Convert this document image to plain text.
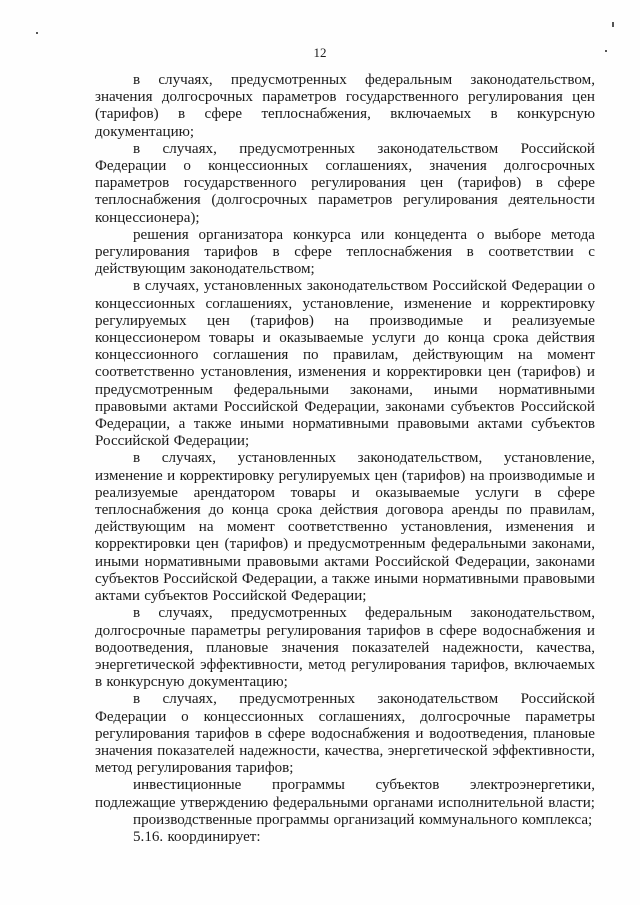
12

в случаях, предусмотренных федеральным законодательством, значения долгосрочных параметров государственного регулирования цен (тарифов) в сфере теплоснабжения, включаемых в конкурсную документацию;

в случаях, предусмотренных законодательством Российской Федерации о концессионных соглашениях, значения долгосрочных параметров государственного регулирования цен (тарифов) в сфере теплоснабжения (долгосрочных параметров регулирования деятельности концессионера);

решения организатора конкурса или концедента о выборе метода регулирования тарифов в сфере теплоснабжения в соответствии с действующим законодательством;

в случаях, установленных законодательством Российской Федерации о концессионных соглашениях, установление, изменение и корректировку регулируемых цен (тарифов) на производимые и реализуемые концессионером товары и оказываемые услуги до конца срока действия концессионного соглашения по правилам, действующим на момент соответственно установления, изменения и корректировки цен (тарифов) и предусмотренным федеральными законами, иными нормативными правовыми актами Российской Федерации, законами субъектов Российской Федерации, а также иными нормативными правовыми актами субъектов Российской Федерации;

в случаях, установленных законодательством, установление, изменение и корректировку регулируемых цен (тарифов) на производимые и реализуемые арендатором товары и оказываемые услуги в сфере теплоснабжения до конца срока действия договора аренды по правилам, действующим на момент соответственно установления, изменения и корректировки цен (тарифов) и предусмотренным федеральными законами, иными нормативными правовыми актами Российской Федерации, законами субъектов Российской Федерации, а также иными нормативными правовыми актами субъектов Российской Федерации;

в случаях, предусмотренных федеральным законодательством, долгосрочные параметры регулирования тарифов в сфере водоснабжения и водоотведения, плановые значения показателей надежности, качества, энергетической эффективности, метод регулирования тарифов, включаемых в конкурсную документацию;

в случаях, предусмотренных законодательством Российской Федерации о концессионных соглашениях, долгосрочные параметры регулирования тарифов в сфере водоснабжения и водоотведения, плановые значения показателей надежности, качества, энергетической эффективности, метод регулирования тарифов;

инвестиционные программы субъектов электроэнергетики, подлежащие утверждению федеральными органами исполнительной власти;

производственные программы организаций коммунального комплекса;

5.16. координирует:
